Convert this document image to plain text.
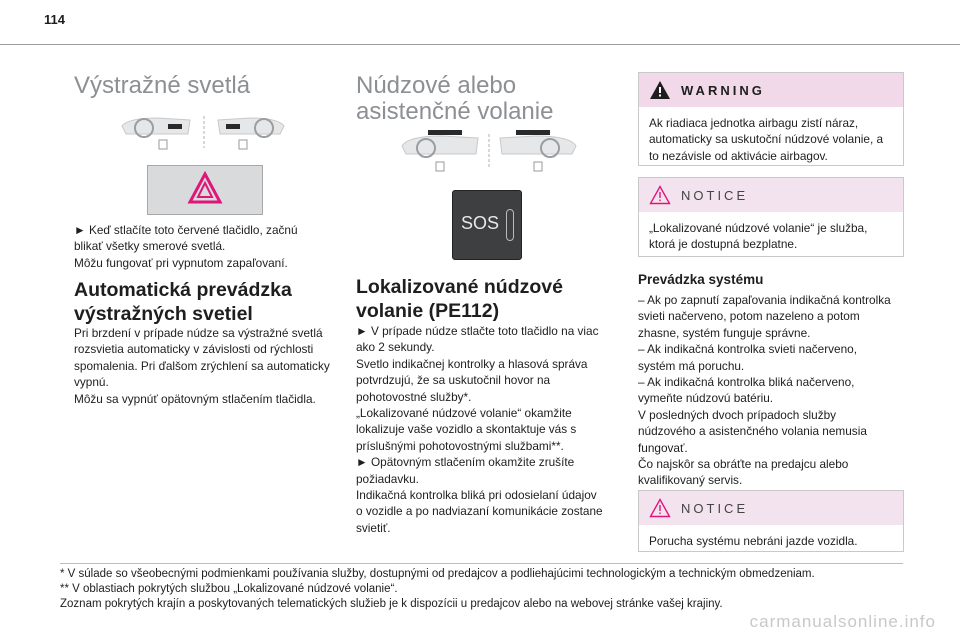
114
Výstražné svetlá
► Keď stlačíte toto červené tlačidlo, začnú
blikať všetky smerové svetlá.
Môžu fungovať pri vypnutom zapaľovaní.
Automatická prevádzka
výstražných svetiel
Pri brzdení v prípade núdze sa výstražné svetlá
rozsvietia automaticky v závislosti od rýchlosti
spomalenia. Pri ďalšom zrýchlení sa automaticky
vypnú.
Môžu sa vypnúť opätovným stlačením tlačidla.
Núdzové alebo
asistenčné volanie
SOS
Lokalizované núdzové
volanie (PE112)
► V prípade núdze stlačte toto tlačidlo na viac
ako 2 sekundy.
Svetlo indikačnej kontrolky a hlasová správa
potvrdzujú, že sa uskutočnil hovor na
pohotovostné služby*.
„Lokalizované núdzové volanie“ okamžite
lokalizuje vaše vozidlo a skontaktuje vás s
príslušnými pohotovostnými službami**.
► Opätovným stlačením okamžite zrušíte
požiadavku.
Indikačná kontrolka bliká pri odosielaní údajov
o vozidle a po nadviazaní komunikácie zostane
svietiť.
WARNING
Ak riadiaca jednotka airbagu zistí náraz,
automaticky sa uskutoční núdzové volanie, a
to nezávisle od aktivácie airbagov.
NOTICE
„Lokalizované núdzové volanie“ je služba,
ktorá je dostupná bezplatne.
Prevádzka systému
– Ak po zapnutí zapaľovania indikačná kontrolka
svieti načerveno, potom nazeleno a potom
zhasne, systém funguje správne.
– Ak indikačná kontrolka svieti načerveno,
systém má poruchu.
– Ak indikačná kontrolka bliká načerveno,
vymeňte núdzovú batériu.
V posledných dvoch prípadoch služby
núdzového a asistenčného volania nemusia
fungovať.
Čo najskôr sa obráťte na predajcu alebo
kvalifikovaný servis.
NOTICE
Porucha systému nebráni jazde vozidla.
* V súlade so všeobecnými podmienkami používania služby, dostupnými od predajcov a podliehajúcimi technologickým a technickým obmedzeniam.
** V oblastiach pokrytých službou „Lokalizované núdzové volanie“.
Zoznam pokrytých krajín a poskytovaných telematických služieb je k dispozícii u predajcov alebo na webovej stránke vašej krajiny.
carmanualsonline.info
